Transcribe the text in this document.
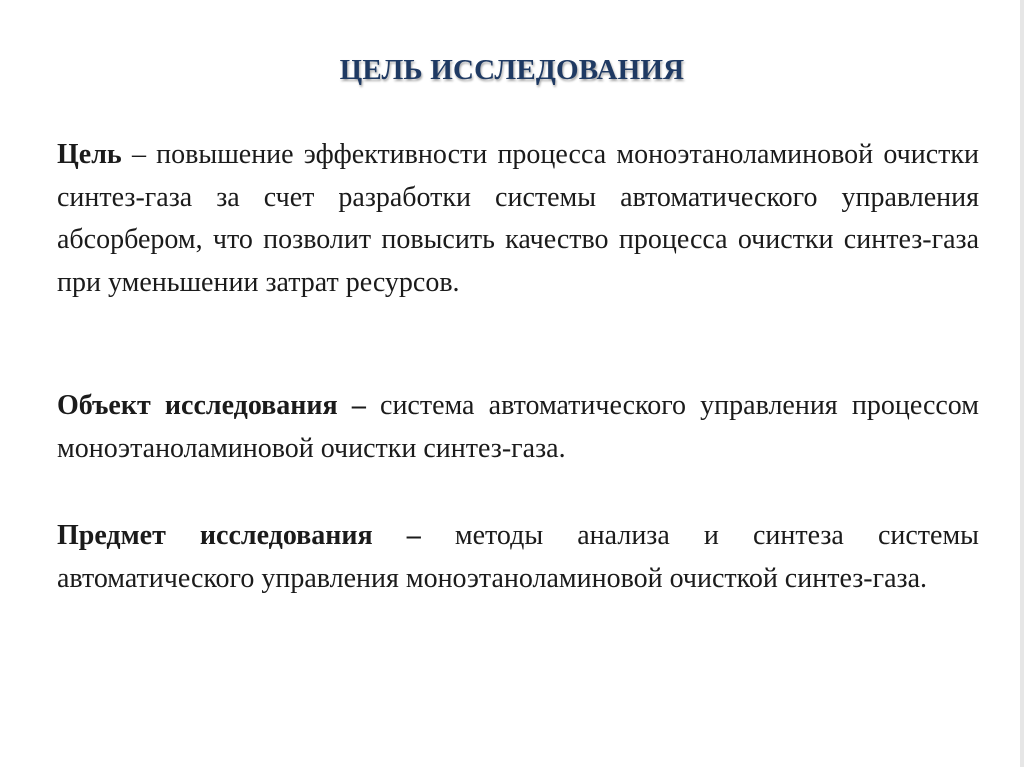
ЦЕЛЬ ИССЛЕДОВАНИЯ

Цель – повышение эффективности процесса моноэтаноламиновой очистки синтез-газа за счет разработки системы автоматического управления абсорбером, что позволит повысить качество процесса очистки синтез-газа при уменьшении затрат ресурсов.

Объект исследования – система автоматического управления процессом моноэтаноламиновой очистки синтез-газа.

Предмет исследования – методы анализа и синтеза системы автоматического управления моноэтаноламиновой очисткой синтез-газа.
